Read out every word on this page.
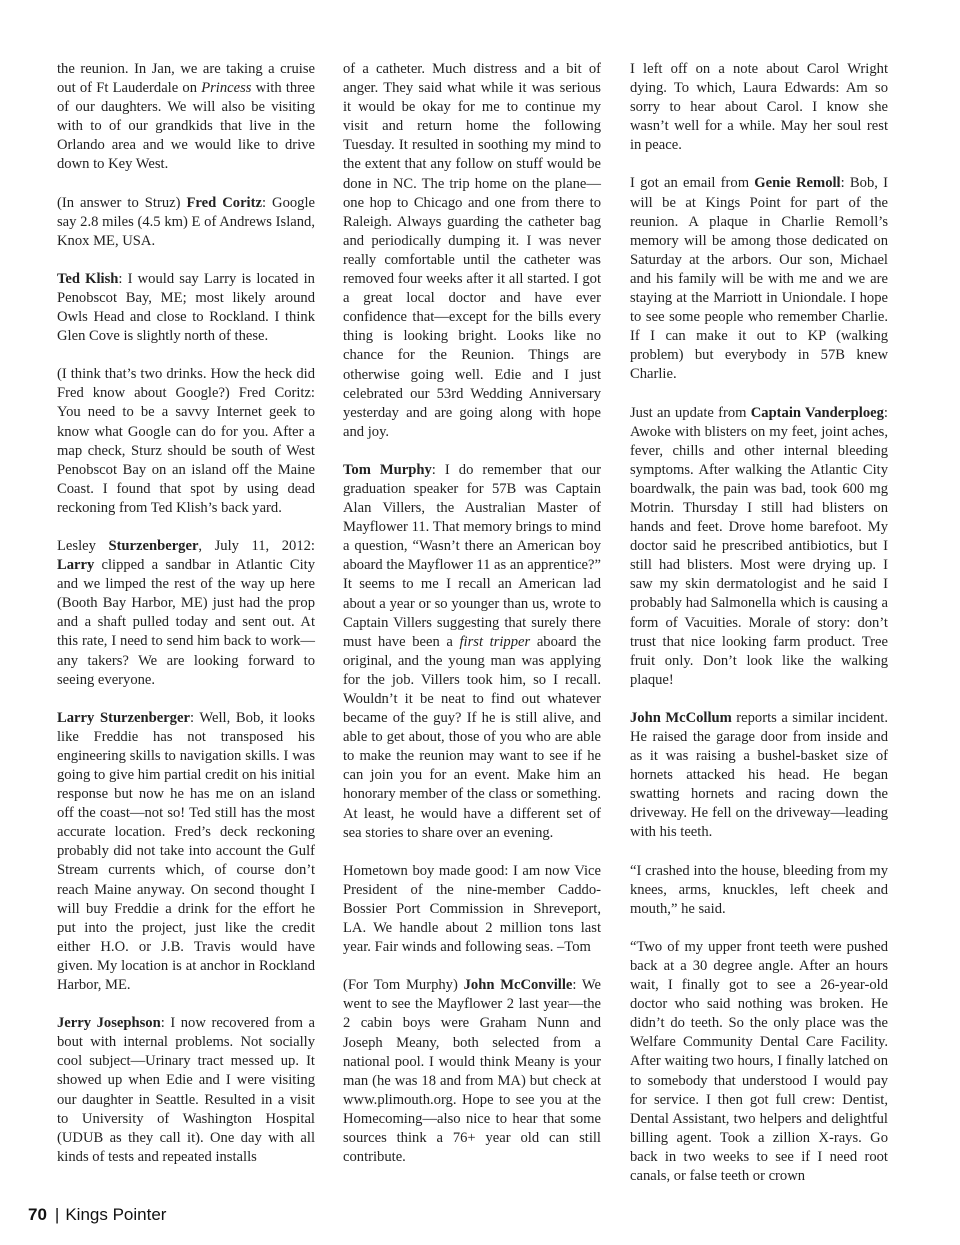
the reunion. In Jan, we are taking a cruise out of Ft Lauderdale on Princess with three of our daughters. We will also be visiting with to of our grandkids that live in the Orlando area and we would like to drive down to Key West.

(In answer to Struz) Fred Coritz: Google say 2.8 miles (4.5 km) E of Andrews Island, Knox ME, USA.

Ted Klish: I would say Larry is located in Penobscot Bay, ME; most likely around Owls Head and close to Rockland. I think Glen Cove is slightly north of these.

(I think that’s two drinks. How the heck did Fred know about Google?) Fred Coritz: You need to be a savvy Internet geek to know what Google can do for you. After a map check, Sturz should be south of West Penobscot Bay on an island off the Maine Coast. I found that spot by using dead reckoning from Ted Klish’s back yard.

Lesley Sturzenberger, July 11, 2012: Larry clipped a sandbar in Atlantic City and we limped the rest of the way up here (Booth Bay Harbor, ME) just had the prop and a shaft pulled today and sent out. At this rate, I need to send him back to work—any takers? We are looking forward to seeing everyone.

Larry Sturzenberger: Well, Bob, it looks like Freddie has not transposed his engineering skills to navigation skills. I was going to give him partial credit on his initial response but now he has me on an island off the coast—not so! Ted still has the most accurate location. Fred’s deck reckoning probably did not take into account the Gulf Stream currents which, of course don’t reach Maine anyway. On second thought I will buy Freddie a drink for the effort he put into the project, just like the credit either H.O. or J.B. Travis would have given. My location is at anchor in Rockland Harbor, ME.

Jerry Josephson: I now recovered from a bout with internal problems. Not socially cool subject—Urinary tract messed up. It showed up when Edie and I were visiting our daughter in Seattle. Resulted in a visit to University of Washington Hospital (UDUB as they call it). One day with all kinds of tests and repeated installs

of a catheter. Much distress and a bit of anger. They said what while it was serious it would be okay for me to continue my visit and return home the following Tuesday. It resulted in soothing my mind to the extent that any follow on stuff would be done in NC. The trip home on the plane—one hop to Chicago and one from there to Raleigh. Always guarding the catheter bag and periodically dumping it. I was never really comfortable until the catheter was removed four weeks after it all started. I got a great local doctor and have ever confidence that—except for the bills every thing is looking bright. Looks like no chance for the Reunion. Things are otherwise going well. Edie and I just celebrated our 53rd Wedding Anniversary yesterday and are going along with hope and joy.

Tom Murphy: I do remember that our graduation speaker for 57B was Captain Alan Villers, the Australian Master of Mayflower 11. That memory brings to mind a question, “Wasn’t there an American boy aboard the Mayflower 11 as an apprentice?” It seems to me I recall an American lad about a year or so younger than us, wrote to Captain Villers suggesting that surely there must have been a first tripper aboard the original, and the young man was applying for the job. Villers took him, so I recall. Wouldn’t it be neat to find out whatever became of the guy? If he is still alive, and able to get about, those of you who are able to make the reunion may want to see if he can join you for an event. Make him an honorary member of the class or something. At least, he would have a different set of sea stories to share over an evening.

Hometown boy made good: I am now Vice President of the nine-member Caddo-Bossier Port Commission in Shreveport, LA. We handle about 2 million tons last year. Fair winds and following seas. –Tom

(For Tom Murphy) John McConville: We went to see the Mayflower 2 last year—the 2 cabin boys were Graham Nunn and Joseph Meany, both selected from a national pool. I would think Meany is your man (he was 18 and from MA) but check at www.plimouth.org. Hope to see you at the Homecoming—also nice to hear that some sources think a 76+ year old can still contribute.

I left off on a note about Carol Wright dying. To which, Laura Edwards: Am so sorry to hear about Carol. I know she wasn’t well for a while. May her soul rest in peace.

I got an email from Genie Remoll: Bob, I will be at Kings Point for part of the reunion. A plaque in Charlie Remoll’s memory will be among those dedicated on Saturday at the arbors. Our son, Michael and his family will be with me and we are staying at the Marriott in Uniondale. I hope to see some people who remember Charlie. If I can make it out to KP (walking problem) but everybody in 57B knew Charlie.

Just an update from Captain Vanderploeg: Awoke with blisters on my feet, joint aches, fever, chills and other internal bleeding symptoms. After walking the Atlantic City boardwalk, the pain was bad, took 600 mg Motrin. Thursday I still had blisters on hands and feet. Drove home barefoot. My doctor said he prescribed antibiotics, but I still had blisters. Most were drying up. I saw my skin dermatologist and he said I probably had Salmonella which is causing a form of Vacuities. Morale of story: don’t trust that nice looking farm product. Tree fruit only. Don’t look like the walking plaque!

John McCollum reports a similar incident. He raised the garage door from inside and as it was raising a bushel-basket size of hornets attacked his head. He began swatting hornets and racing down the driveway. He fell on the driveway—leading with his teeth.

“I crashed into the house, bleeding from my knees, arms, knuckles, left cheek and mouth,” he said.

“Two of my upper front teeth were pushed back at a 30 degree angle. After an hours wait, I finally got to see a 26-year-old doctor who said nothing was broken. He didn’t do teeth. So the only place was the Welfare Community Dental Care Facility. After waiting two hours, I finally latched on to somebody that understood I would pay for service. I then got full crew: Dentist, Dental Assistant, two helpers and delightful billing agent. Took a zillion X-rays. Go back in two weeks to see if I need root canals, or false teeth or crown

70 | Kings Pointer
